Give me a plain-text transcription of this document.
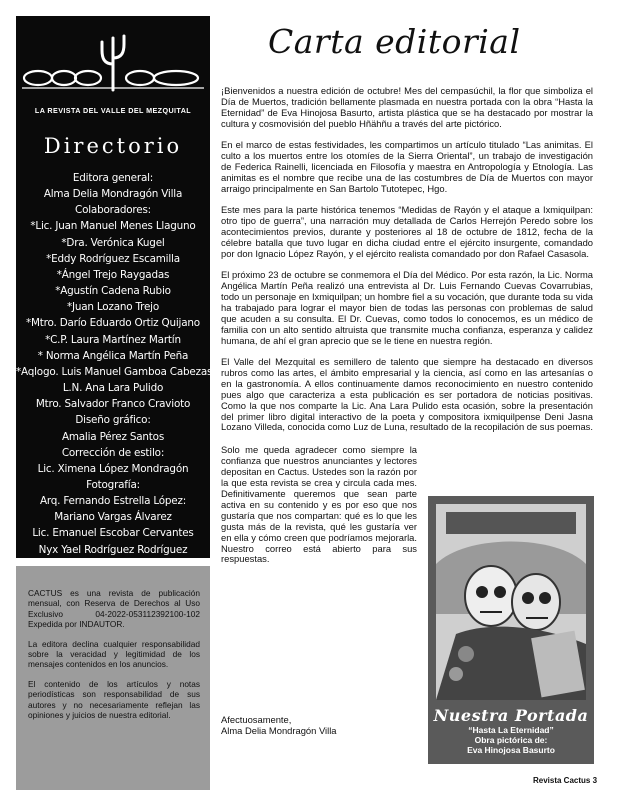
LA REVISTA DEL VALLE DEL MEZQUITAL
Directorio
Editora general:
Alma Delia Mondragón Villa
Colaboradores:
*Lic. Juan Manuel Menes Llaguno
*Dra. Verónica Kugel
*Eddy Rodríguez Escamilla
*Ángel Trejo Raygadas
*Agustín Cadena Rubio
*Juan Lozano Trejo
*Mtro. Darío Eduardo Ortiz Quijano
*C.P. Laura Martínez Martín
* Norma Angélica Martín Peña
*Aqlogo. Luis Manuel Gamboa Cabezas
L.N. Ana Lara Pulido
Mtro. Salvador Franco Cravioto
Diseño gráfico:
Amalia Pérez Santos
Corrección de estilo:
Lic. Ximena López Mondragón
Fotografía:
Arq. Fernando Estrella López:
Mariano Vargas Álvarez
Lic. Emanuel Escobar Cervantes
Nyx Yael Rodríguez Rodríguez

CACTUS es una revista de publicación mensual, con Reserva de Derechos al Uso Exclusivo 04-2022-053112392100-102 Expedida por INDAUTOR.

La editora declina cualquier responsabilidad sobre la veracidad y legitimidad de los mensajes contenidos en los anuncios.

El contenido de los artículos y notas periodísticas son responsabilidad de sus autores y no necesariamente reflejan las opiniones y juicios de nuestra editorial.

Carta editorial

¡Bienvenidos a nuestra edición de octubre! Mes del cempasúchil, la flor que simboliza el Día de Muertos, tradición bellamente plasmada en nuestra portada con la obra “Hasta la Eternidad” de Eva Hinojosa Basurto, artista plástica que se ha destacado por mostrar la cultura y cosmovisión del pueblo Hñähñu a través del arte pictórico.

En el marco de estas festividades, les compartimos un artículo titulado “Las animitas. El culto a los muertos entre los otomíes de la Sierra Oriental”, un trabajo de investigación de Federica Rainelli, licenciada en Filosofía y maestra en Antropología y Etnología. Las animitas es el nombre que recibe una de las costumbres de Día de Muertos con mayor arraigo principalmente en San Bartolo Tutotepec, Hgo.

Este mes para la parte histórica tenemos “Medidas de Rayón y el ataque a Ixmiquilpan: otro tipo de guerra”, una narración muy detallada de Carlos Herrejón Peredo sobre los acontecimientos previos, durante y posteriores al 18 de octubre de 1812, fecha de la célebre batalla que tuvo lugar en dicha ciudad entre el ejército insurgente, comandado por don Ignacio López Rayón, y el ejército realista comandado por don Rafael Casasola.

El próximo 23 de octubre se conmemora el Día del Médico. Por esta razón, la Lic. Norma Angélica Martín Peña realizó una entrevista al Dr. Luis Fernando Cuevas Covarrubias, todo un personaje en Ixmiquilpan; un hombre fiel a su vocación, que durante toda su vida ha trabajado para lograr el mayor bien de todas las personas con problemas de salud que acuden a su consulta. El Dr. Cuevas, como todos lo conocemos, es un médico de familia con un alto sentido altruista que transmite mucha confianza, esperanza y calidez humana, de ahí el gran aprecio que se le tiene en nuestra región.

El Valle del Mezquital es semillero de talento que siempre ha destacado en diversos rubros como las artes, el ámbito empresarial y la ciencia, así como en las artesanías o en la gastronomía. A ellos continuamente damos reconocimiento en nuestro contenido pues algo que caracteriza a esta publicación es ser portadora de noticias positivas. Como la que nos comparte la Lic. Ana Lara Pulido esta ocasión, sobre la presentación del primer libro digital interactivo de la poeta y compositora ixmiquilpense Deni Jasna Lozano Villeda, conocida como Luz de Luna, resultado de la recopilación de sus poemas.

Solo me queda agradecer como siempre la confianza que nuestros anunciantes y lectores depositan en Cactus. Ustedes son la razón por la que esta revista se crea y circula cada mes. Definitivamente queremos que sean parte activa en su contenido y es por eso que nos gustaría que nos compartan: qué es lo que les gusta más de la revista, qué les gustaría ver en ella y cómo creen que podríamos mejorarla. Nuestro correo está abierto para sus respuestas.

Afectuosamente,
Alma Delia Mondragón Villa
Nuestra Portada
“Hasta La Eternidad”
Obra pictórica de:
Eva Hinojosa Basurto
Revista Cactus 3
